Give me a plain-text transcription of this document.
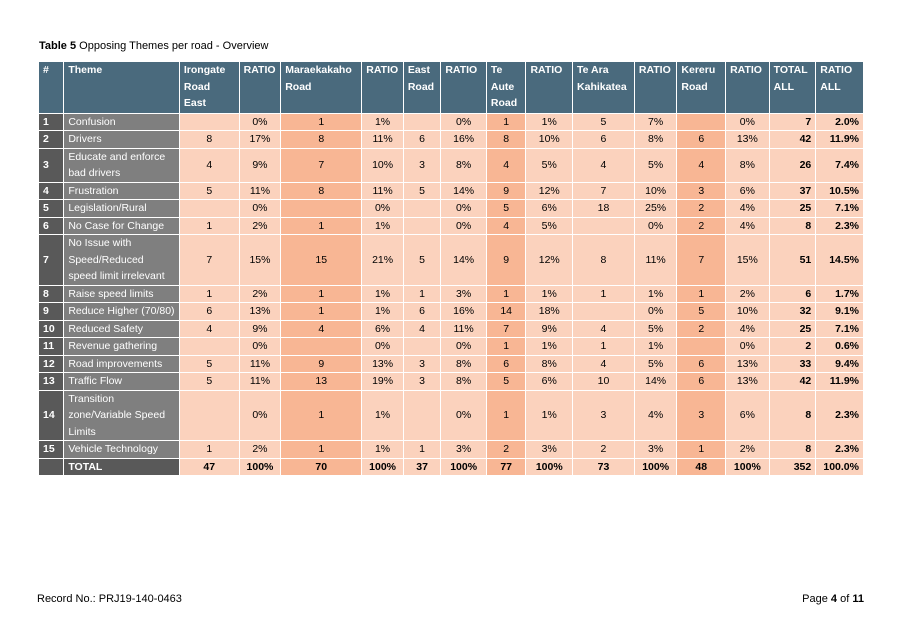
Table 5 Opposing Themes per road - Overview
#	Theme	Irongate Road East	RATIO	Maraekakaho Road	RATIO	East Road	RATIO	Te Aute Road	RATIO	Te Ara Kahikatea	RATIO	Kereru Road	RATIO	TOTAL ALL	RATIO ALL
1	Confusion		0%	1	1%		0%	1	1%	5	7%		0%	7	2.0%
2	Drivers	8	17%	8	11%	6	16%	8	10%	6	8%	6	13%	42	11.9%
3	Educate and enforce bad drivers	4	9%	7	10%	3	8%	4	5%	4	5%	4	8%	26	7.4%
4	Frustration	5	11%	8	11%	5	14%	9	12%	7	10%	3	6%	37	10.5%
5	Legislation/Rural		0%		0%		0%	5	6%	18	25%	2	4%	25	7.1%
6	No Case for Change	1	2%	1	1%		0%	4	5%		0%	2	4%	8	2.3%
7	No Issue with Speed/Reduced speed limit irrelevant	7	15%	15	21%	5	14%	9	12%	8	11%	7	15%	51	14.5%
8	Raise speed limits	1	2%	1	1%	1	3%	1	1%	1	1%	1	2%	6	1.7%
9	Reduce Higher (70/80)	6	13%	1	1%	6	16%	14	18%		0%	5	10%	32	9.1%
10	Reduced Safety	4	9%	4	6%	4	11%	7	9%	4	5%	2	4%	25	7.1%
11	Revenue gathering		0%		0%		0%	1	1%	1	1%		0%	2	0.6%
12	Road improvements	5	11%	9	13%	3	8%	6	8%	4	5%	6	13%	33	9.4%
13	Traffic Flow	5	11%	13	19%	3	8%	5	6%	10	14%	6	13%	42	11.9%
14	Transition zone/Variable Speed Limits		0%	1	1%		0%	1	1%	3	4%	3	6%	8	2.3%
15	Vehicle Technology	1	2%	1	1%	1	3%	2	3%	2	3%	1	2%	8	2.3%
	TOTAL	47	100%	70	100%	37	100%	77	100%	73	100%	48	100%	352	100.0%
Record No.: PRJ19-140-0463	Page 4 of 11
